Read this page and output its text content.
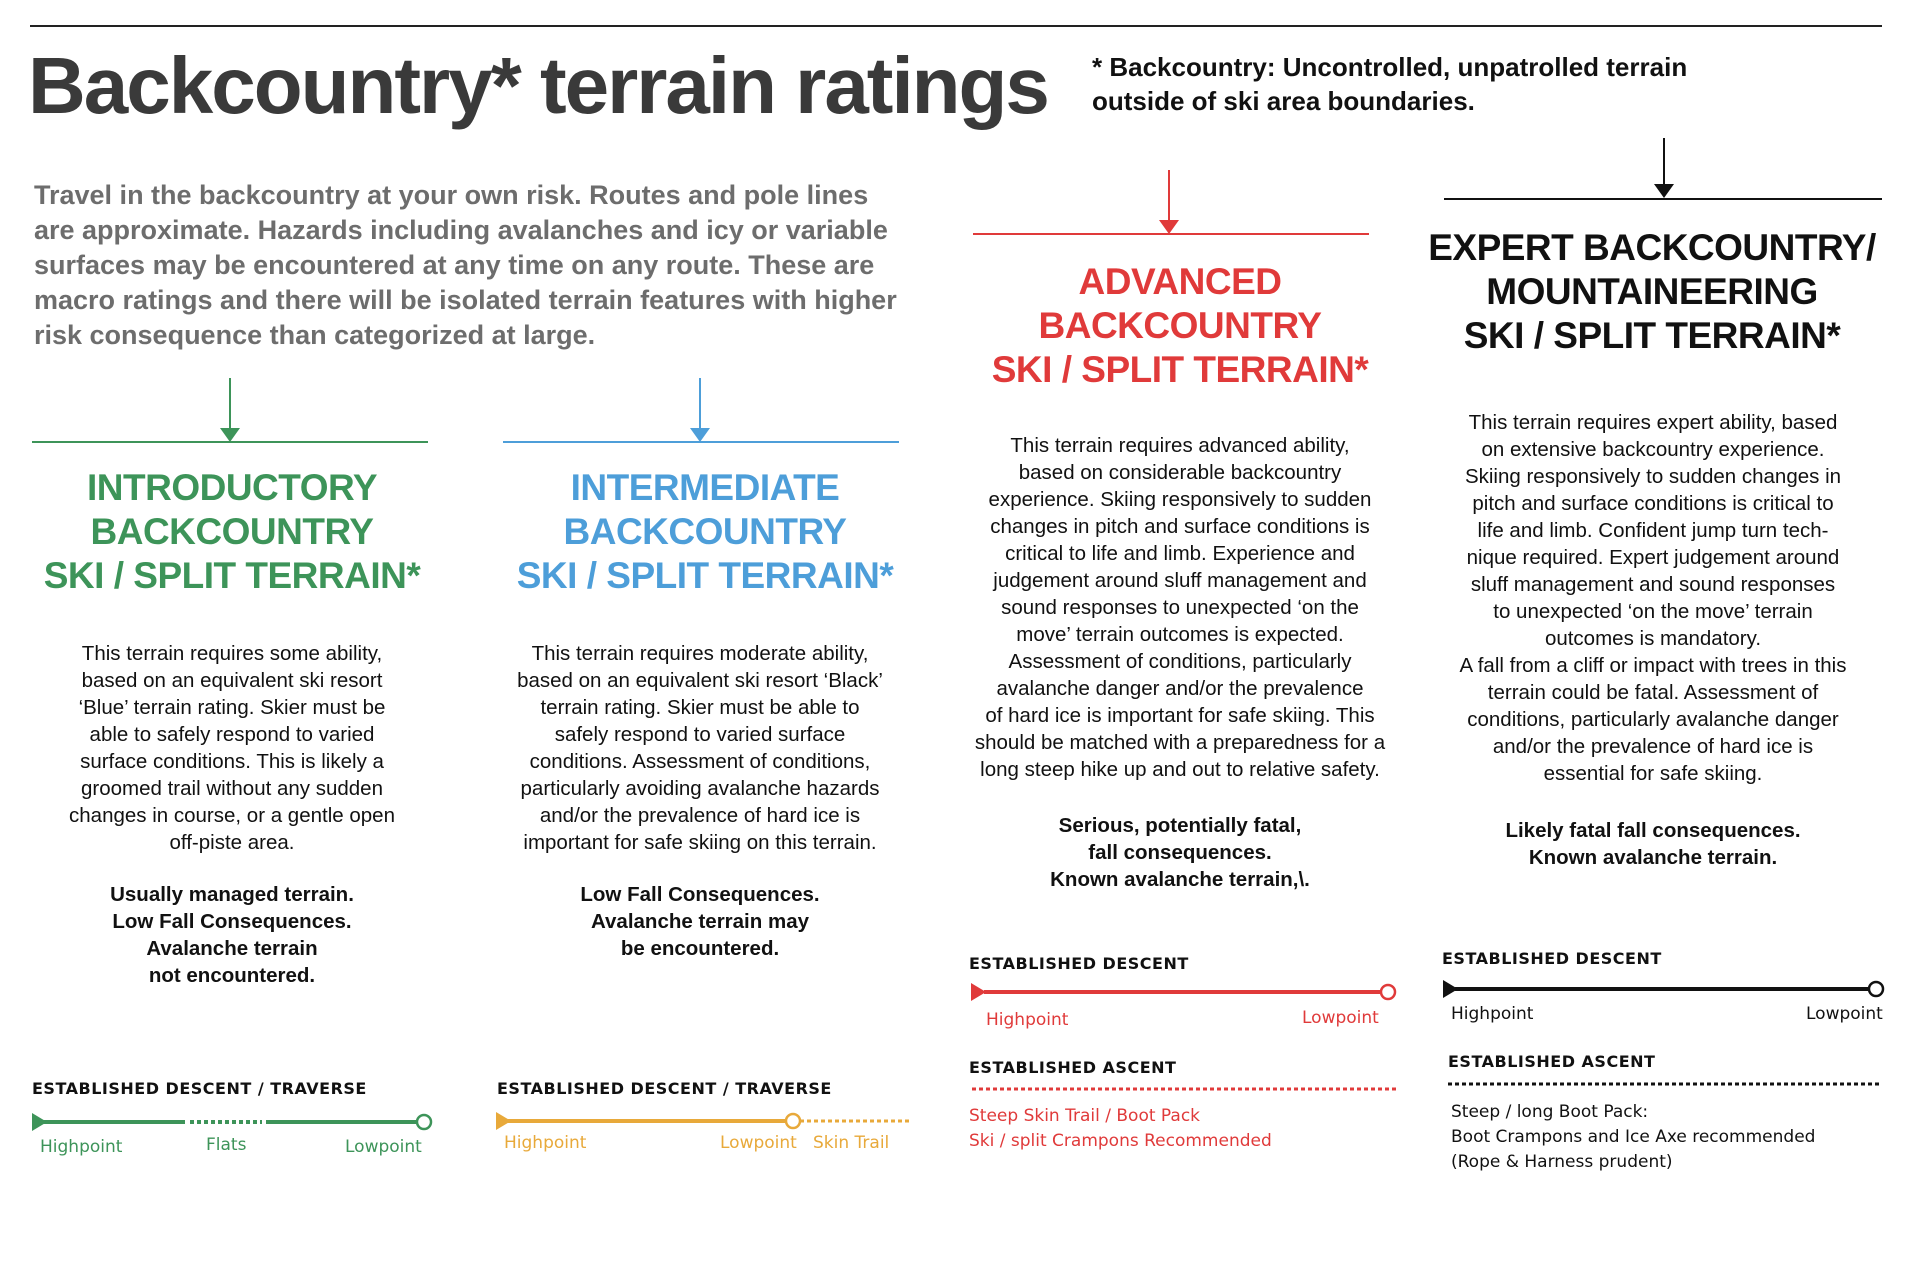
Backcountry* terrain ratings * Backcountry: Uncontrolled, unpatrolled terrain
outside of ski area boundaries.
Travel in the backcountry at your own risk. Routes and pole lines are approximate. Hazards including avalanches and icy or variable surfaces may be encountered at any time on any route. These are macro ratings and there will be isolated terrain features with higher risk consequence than categorized at large.
INTRODUCTORY
BACKCOUNTRY
SKI / SPLIT TERRAIN*
This terrain requires some ability,
based on an equivalent ski resort
‘Blue’ terrain rating. Skier must be
able to safely respond to varied
surface conditions. This is likely a
groomed trail without any sudden
changes in course, or a gentle open
off-piste area.
Usually managed terrain.
Low Fall Consequences.
Avalanche terrain
not encountered.
ESTABLISHED DESCENT / TRAVERSE
Highpoint	Flats	Lowpoint
INTERMEDIATE
BACKCOUNTRY
SKI / SPLIT TERRAIN*
This terrain requires moderate ability,
based on an equivalent ski resort ‘Black’
terrain rating. Skier must be able to
safely respond to varied surface
conditions. Assessment of conditions,
particularly avoiding avalanche hazards
and/or the prevalence of hard ice is
important for safe skiing on this terrain.
Low Fall Consequences.
Avalanche terrain may
be encountered.
ESTABLISHED DESCENT / TRAVERSE
Highpoint	Lowpoint Skin Trail
ADVANCED
BACKCOUNTRY
SKI / SPLIT TERRAIN*
This terrain requires advanced ability,
based on considerable backcountry
experience. Skiing responsively to sudden
changes in pitch and surface conditions is
critical to life and limb. Experience and
judgement around sluff management and
sound responses to unexpected ‘on the
move’ terrain outcomes is expected.
Assessment of conditions, particularly
avalanche danger and/or the prevalence
of hard ice is important for safe skiing. This
should be matched with a preparedness for a
long steep hike up and out to relative safety.
Serious, potentially fatal,
fall consequences.
Known avalanche terrain,\.
ESTABLISHED DESCENT
Highpoint	Lowpoint
ESTABLISHED ASCENT
Steep Skin Trail / Boot Pack
Ski / split Crampons Recommended
EXPERT BACKCOUNTRY/
MOUNTAINEERING
SKI / SPLIT TERRAIN*
This terrain requires expert ability, based
on extensive backcountry experience.
Skiing responsively to sudden changes in
pitch and surface conditions is critical to
life and limb. Confident jump turn tech-
nique required. Expert judgement around
sluff management and sound responses
to unexpected ‘on the move’ terrain
outcomes is mandatory.
A fall from a cliff or impact with trees in this
terrain could be fatal. Assessment of
conditions, particularly avalanche danger
and/or the prevalence of hard ice is
essential for safe skiing.
Likely fatal fall consequences.
Known avalanche terrain.
ESTABLISHED DESCENT
Highpoint	Lowpoint
ESTABLISHED ASCENT
Steep / long Boot Pack:
Boot Crampons and Ice Axe recommended
(Rope & Harness prudent)
